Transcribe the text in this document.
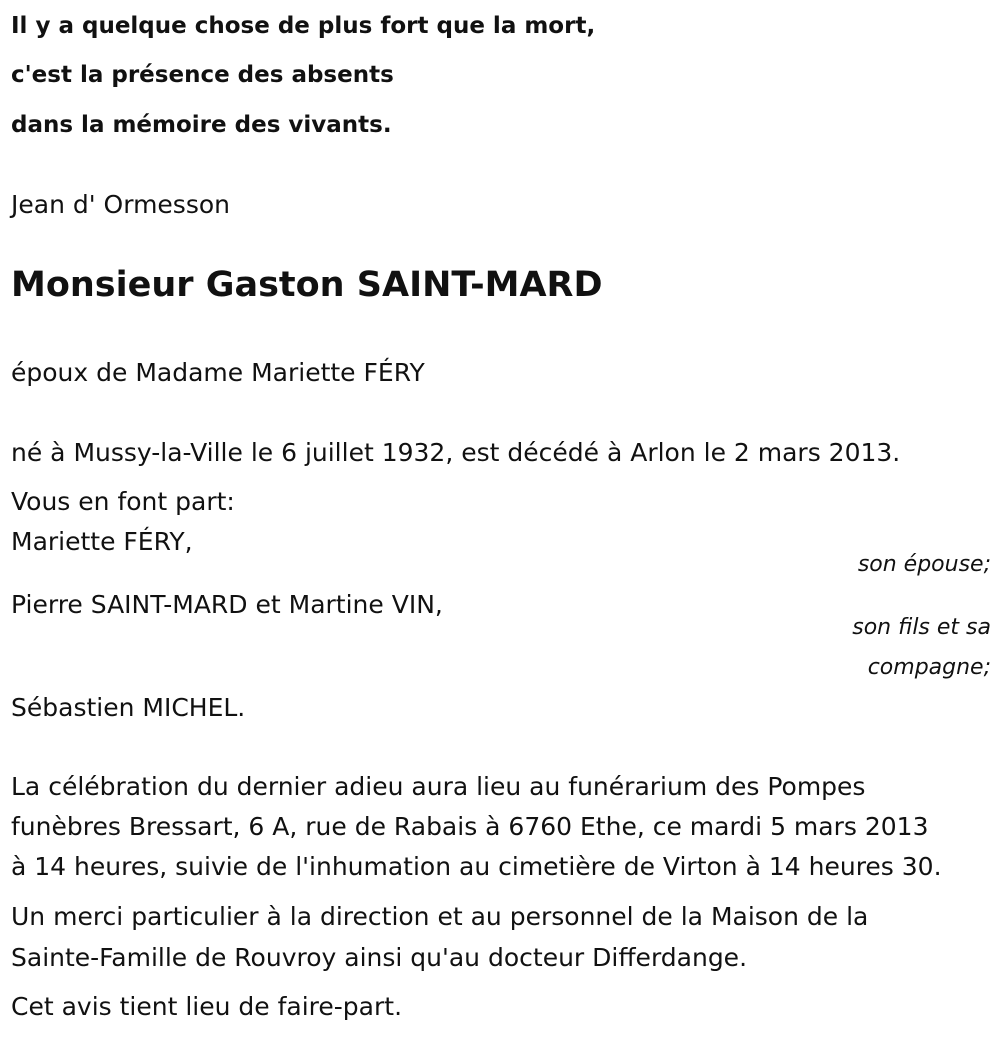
Il y a quelque chose de plus fort que la mort,
c'est la présence des absents
dans la mémoire des vivants.
Jean d' Ormesson
Monsieur Gaston SAINT-MARD
époux de Madame Mariette FÉRY
né à Mussy-la-Ville le 6 juillet 1932, est décédé à Arlon le 2 mars 2013.
Vous en font part:
Mariette FÉRY,
son épouse;
Pierre SAINT-MARD et Martine VIN,
son fils et sa
compagne;
Sébastien MICHEL.
La célébration du dernier adieu aura lieu au funérarium des Pompes
funèbres Bressart, 6 A, rue de Rabais à 6760 Ethe, ce mardi 5 mars 2013
à 14 heures, suivie de l'inhumation au cimetière de Virton à 14 heures 30.
Un merci particulier à la direction et au personnel de la Maison de la
Sainte-Famille de Rouvroy ainsi qu'au docteur Differdange.
Cet avis tient lieu de faire-part.
